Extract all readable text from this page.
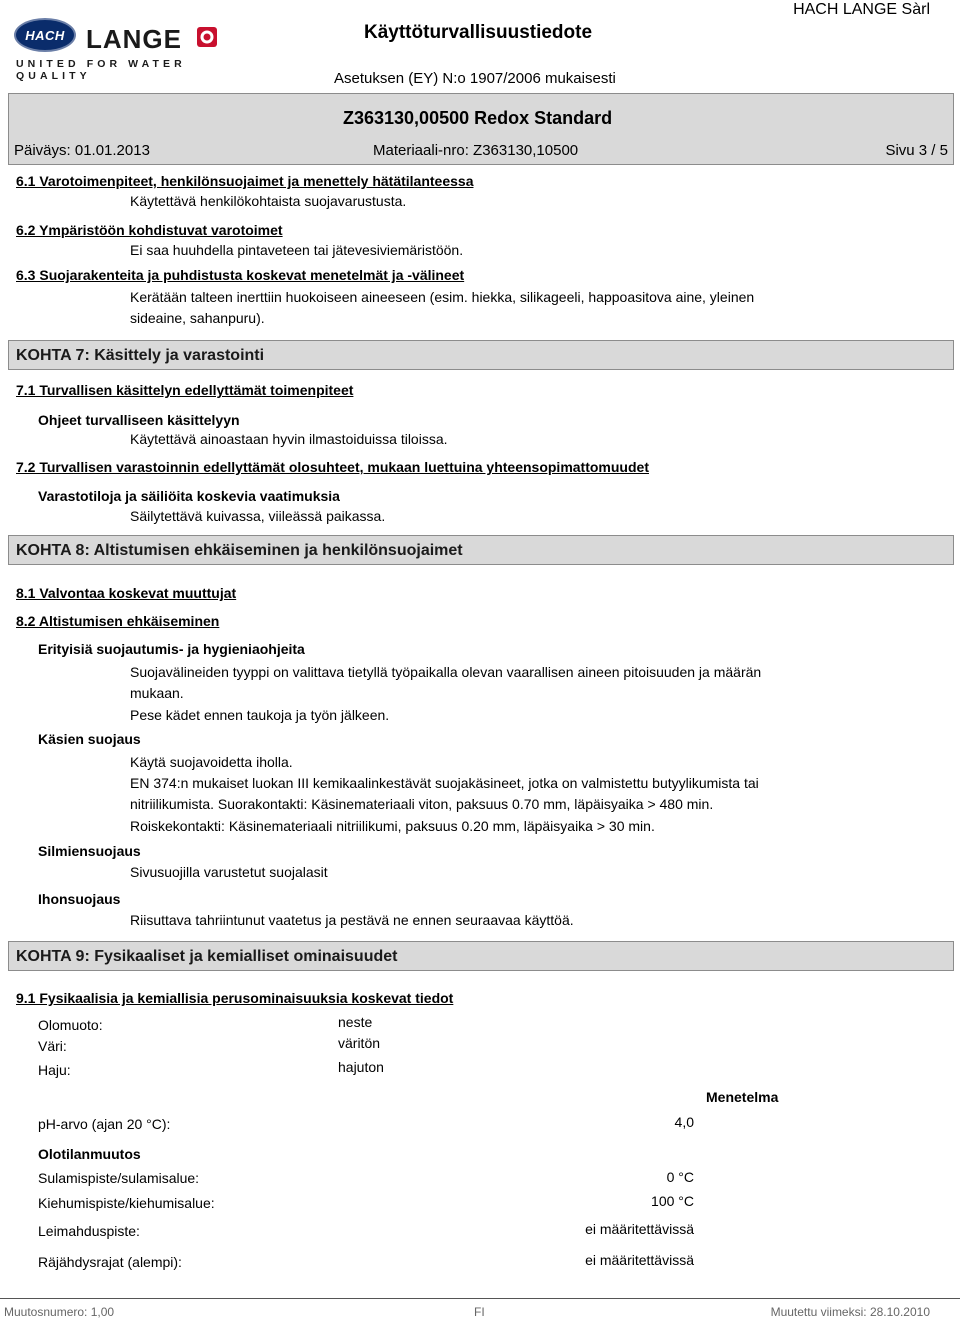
HACH LANGE
UNITED FOR WATER QUALITY
HACH LANGE Sàrl
Käyttöturvallisuustiedote
Asetuksen (EY) N:o 1907/2006 mukaisesti
Z363130,00500 Redox Standard
Päiväys: 01.01.2013	Materiaali-nro: Z363130,10500	Sivu 3 / 5
6.1 Varotoimenpiteet, henkilönsuojaimet ja menettely hätätilanteessa
Käytettävä henkilökohtaista suojavarustusta.
6.2 Ympäristöön kohdistuvat varotoimet
Ei saa huuhdella pintaveteen tai jätevesiviemäristöön.
6.3 Suojarakenteita ja puhdistusta koskevat menetelmät ja -välineet
Kerätään talteen inerttiin huokoiseen aineeseen (esim. hiekka, silikageeli, happoasitova aine, yleinen
sideaine, sahanpuru).
KOHTA 7: Käsittely ja varastointi
7.1 Turvallisen käsittelyn edellyttämät toimenpiteet
Ohjeet turvalliseen käsittelyyn
Käytettävä ainoastaan hyvin ilmastoiduissa tiloissa.
7.2 Turvallisen varastoinnin edellyttämät olosuhteet, mukaan luettuina yhteensopimattomuudet
Varastotiloja ja säiliöita koskevia vaatimuksia
Säilytettävä kuivassa, viileässä paikassa.
KOHTA 8: Altistumisen ehkäiseminen ja henkilönsuojaimet
8.1 Valvontaa koskevat muuttujat
8.2 Altistumisen ehkäiseminen
Erityisiä suojautumis- ja hygieniaohjeita
Suojavälineiden tyyppi on valittava tietyllä työpaikalla olevan vaarallisen aineen pitoisuuden ja määrän
mukaan.
Pese kädet ennen taukoja ja työn jälkeen.
Käsien suojaus
Käytä suojavoidetta iholla.
EN 374:n mukaiset luokan III kemikaalinkestävät suojakäsineet, jotka on valmistettu butyylikumista tai
nitriilikumista. Suorakontakti: Käsinemateriaali viton, paksuus 0.70 mm, läpäisyaika > 480 min.
Roiskekontakti: Käsinemateriaali nitriilikumi, paksuus 0.20 mm, läpäisyaika > 30 min.
Silmiensuojaus
Sivusuojilla varustetut suojalasit
Ihonsuojaus
Riisuttava tahriintunut vaatetus ja pestävä ne ennen seuraavaa käyttöä.
KOHTA 9: Fysikaaliset ja kemialliset ominaisuudet
9.1 Fysikaalisia ja kemiallisia perusominaisuuksia koskevat tiedot
Olomuoto:	neste
Väri:	väritön
Haju:	hajuton
Menetelma
pH-arvo (ajan 20 °C):	4,0
Olotilanmuutos
Sulamispiste/sulamisalue:	0 °C
Kiehumispiste/kiehumisalue:	100 °C
Leimahduspiste:	ei määritettävissä
Räjähdysrajat (alempi):	ei määritettävissä
Muutosnumero: 1,00	FI	Muutettu viimeksi: 28.10.2010
